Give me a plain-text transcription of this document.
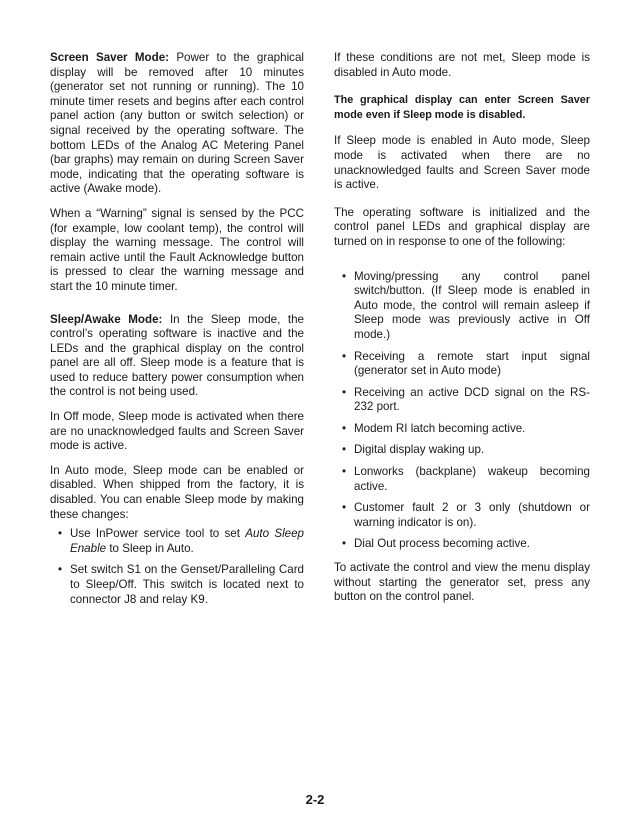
Screen Saver Mode: Power to the graphical display will be removed after 10 minutes (generator set not running or running). The 10 minute timer resets and begins after each control panel action (any button or switch selection) or signal received by the operating software. The bottom LEDs of the Analog AC Metering Panel (bar graphs) may remain on during Screen Saver mode, indicating that the operating software is active (Awake mode).

When a “Warning” signal is sensed by the PCC (for example, low coolant temp), the control will display the warning message. The control will remain active until the Fault Acknowledge button is pressed to clear the warning message and start the 10 minute timer.

Sleep/Awake Mode: In the Sleep mode, the control’s operating software is inactive and the LEDs and the graphical display on the control panel are all off. Sleep mode is a feature that is used to reduce battery power consumption when the control is not being used.

In Off mode, Sleep mode is activated when there are no unacknowledged faults and Screen Saver mode is active.

In Auto mode, Sleep mode can be enabled or disabled. When shipped from the factory, it is disabled. You can enable Sleep mode by making these changes:

• Use InPower service tool to set Auto Sleep Enable to Sleep in Auto.
• Set switch S1 on the Genset/Paralleling Card to Sleep/Off. This switch is located next to connector J8 and relay K9.

If these conditions are not met, Sleep mode is disabled in Auto mode.

The graphical display can enter Screen Saver mode even if Sleep mode is disabled.

If Sleep mode is enabled in Auto mode, Sleep mode is activated when there are no unacknowledged faults and Screen Saver mode is active.

The operating software is initialized and the control panel LEDs and graphical display are turned on in response to one of the following:

• Moving/pressing any control panel switch/button. (If Sleep mode is enabled in Auto mode, the control will remain asleep if Sleep mode was previously active in Off mode.)
• Receiving a remote start input signal (generator set in Auto mode)
• Receiving an active DCD signal on the RS-232 port.
• Modem RI latch becoming active.
• Digital display waking up.
• Lonworks (backplane) wakeup becoming active.
• Customer fault 2 or 3 only (shutdown or warning indicator is on).
• Dial Out process becoming active.

To activate the control and view the menu display without starting the generator set, press any button on the control panel.

2-2
